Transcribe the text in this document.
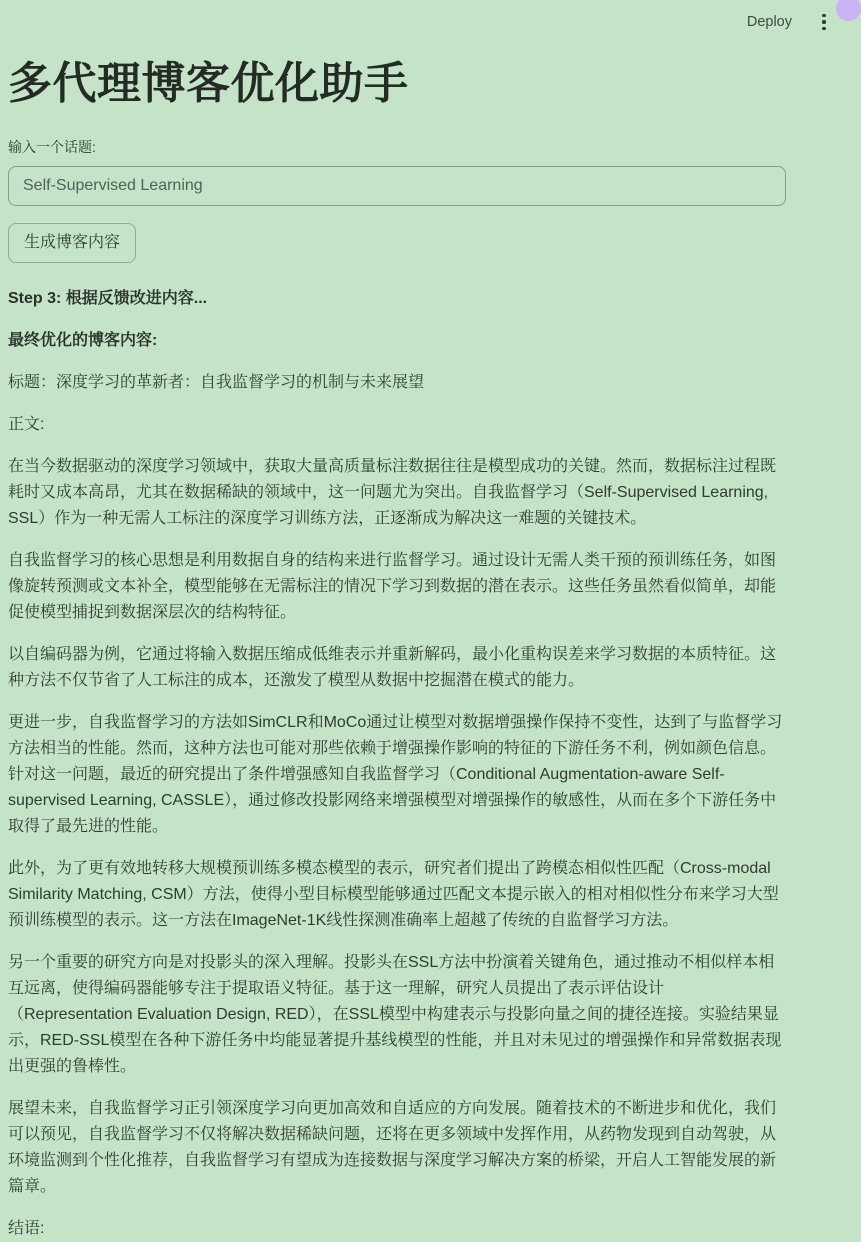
Deploy
多代理博客优化助手
输入一个话题:
Self-Supervised Learning 生成博客内容

Step 3: 根据反馈改进内容...

最终优化的博客内容:

标题：深度学习的革新者：自我监督学习的机制与未来展望

正文:

在当今数据驱动的深度学习领域中，获取大量高质量标注数据往往是模型成功的关键。然而，数据标注过程既耗时又成本高昂，尤其在数据稀缺的领域中，这一问题尤为突出。自我监督学习（Self-Supervised Learning, SSL）作为一种无需人工标注的深度学习训练方法，正逐渐成为解决这一难题的关键技术。

自我监督学习的核心思想是利用数据自身的结构来进行监督学习。通过设计无需人类干预的预训练任务，如图像旋转预测或文本补全，模型能够在无需标注的情况下学习到数据的潜在表示。这些任务虽然看似简单，却能促使模型捕捉到数据深层次的结构特征。

以自编码器为例，它通过将输入数据压缩成低维表示并重新解码，最小化重构误差来学习数据的本质特征。这种方法不仅节省了人工标注的成本，还激发了模型从数据中挖掘潜在模式的能力。

更进一步，自我监督学习的方法如SimCLR和MoCo通过让模型对数据增强操作保持不变性，达到了与监督学习方法相当的性能。然而，这种方法也可能对那些依赖于增强操作影响的特征的下游任务不利，例如颜色信息。针对这一问题，最近的研究提出了条件增强感知自我监督学习（Conditional Augmentation-aware Self-supervised Learning, CASSLE），通过修改投影网络来增强模型对增强操作的敏感性，从而在多个下游任务中取得了最先进的性能。

此外，为了更有效地转移大规模预训练多模态模型的表示，研究者们提出了跨模态相似性匹配（Cross-modal Similarity Matching, CSM）方法，使得小型目标模型能够通过匹配文本提示嵌入的相对相似性分布来学习大型预训练模型的表示。这一方法在ImageNet-1K线性探测准确率上超越了传统的自监督学习方法。

另一个重要的研究方向是对投影头的深入理解。投影头在SSL方法中扮演着关键角色，通过推动不相似样本相互远离，使得编码器能够专注于提取语义特征。基于这一理解，研究人员提出了表示评估设计（Representation Evaluation Design, RED），在SSL模型中构建表示与投影向量之间的捷径连接。实验结果显示，RED-SSL模型在各种下游任务中均能显著提升基线模型的性能，并且对未见过的增强操作和异常数据表现出更强的鲁棒性。

展望未来，自我监督学习正引领深度学习向更加高效和自适应的方向发展。随着技术的不断进步和优化，我们可以预见，自我监督学习不仅将解决数据稀缺问题，还将在更多领域中发挥作用，从药物发现到自动驾驶，从环境监测到个性化推荐，自我监督学习有望成为连接数据与深度学习解决方案的桥梁，开启人工智能发展的新篇章。

结语:
